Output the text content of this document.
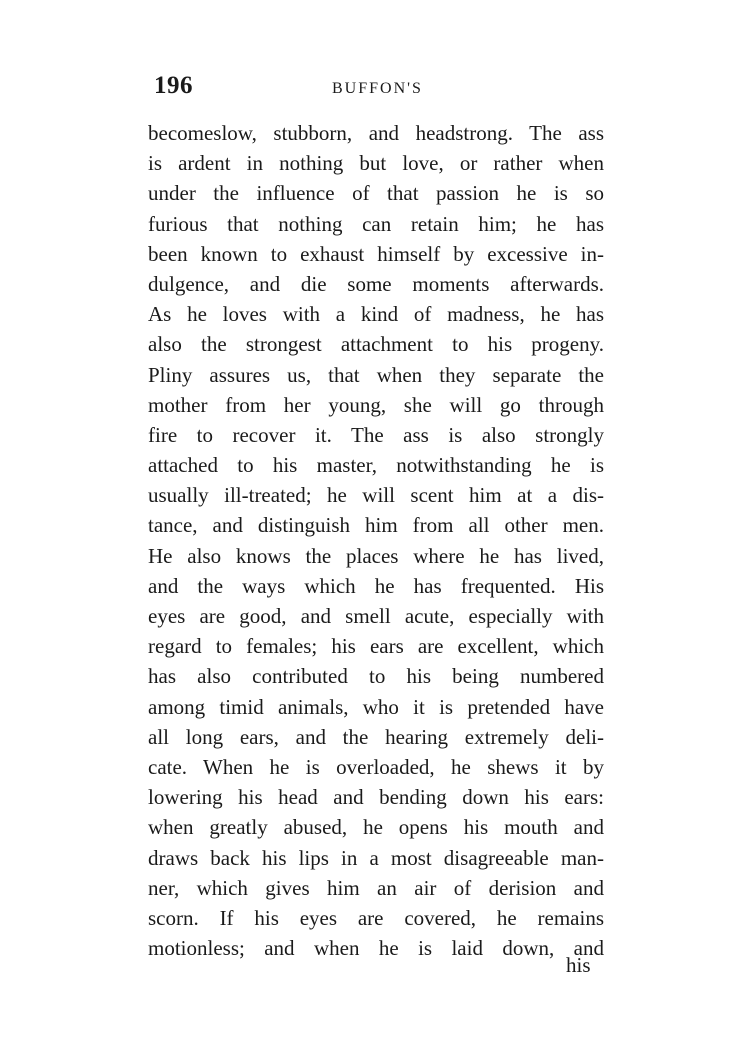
196	BUFFON'S
becomeslow, stubborn, and headstrong. The ass
is ardent in nothing but love, or rather when
under the influence of that passion he is so
furious that nothing can retain him; he has
been known to exhaust himself by excessive in-
dulgence, and die some moments afterwards.
As he loves with a kind of madness, he has
also the strongest attachment to his progeny.
Pliny assures us, that when they separate the
mother from her young, she will go through
fire to recover it. The ass is also strongly
attached to his master, notwithstanding he is
usually ill-treated; he will scent him at a dis-
tance, and distinguish him from all other men.
He also knows the places where he has lived,
and the ways which he has frequented. His
eyes are good, and smell acute, especially with
regard to females; his ears are excellent, which
has also contributed to his being numbered
among timid animals, who it is pretended have
all long ears, and the hearing extremely deli-
cate. When he is overloaded, he shews it by
lowering his head and bending down his ears:
when greatly abused, he opens his mouth and
draws back his lips in a most disagreeable man-
ner, which gives him an air of derision and
scorn. If his eyes are covered, he remains
motionless; and when he is laid down, and
his
